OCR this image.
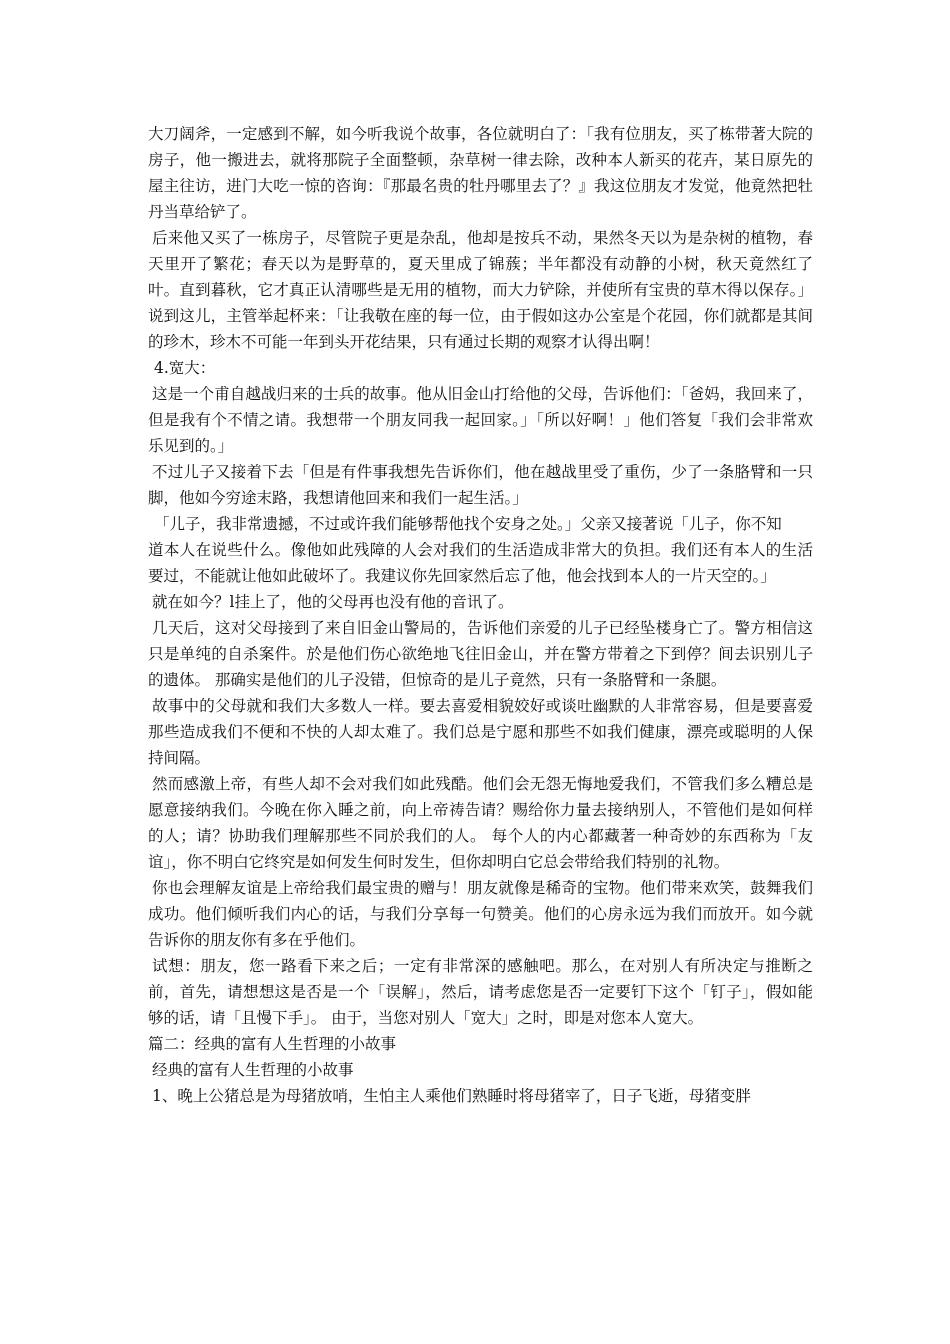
大刀阔斧，一定感到不解，如今听我说个故事，各位就明白了：「我有位朋友，买了栋带著大院的房子，他一搬进去，就将那院子全面整顿，杂草树一律去除，改种本人新买的花卉，某日原先的屋主往访，进门大吃一惊的咨询：『那最名贵的牡丹哪里去了？』我这位朋友才发觉，他竟然把牡丹当草给铲了。

后来他又买了一栋房子，尽管院子更是杂乱，他却是按兵不动，果然冬天以为是杂树的植物，春天里开了繁花；春天以为是野草的，夏天里成了锦蔟；半年都没有动静的小树，秋天竟然红了叶。直到暮秋，它才真正认清哪些是无用的植物，而大力铲除，并使所有宝贵的草木得以保存。」说到这儿，主管举起杯来：「让我敬在座的每一位，由于假如这办公室是个花园，你们就都是其间的珍木，珍木不可能一年到头开花结果，只有通过长期的观察才认得出啊！

4.宽大：

这是一个甫自越战归来的士兵的故事。他从旧金山打给他的父母，告诉他们：「爸妈，我回来了，但是我有个不情之请。我想带一个朋友同我一起回家。」「所以好啊！」他们答复「我们会非常欢乐见到的。」

不过儿子又接着下去「但是有件事我想先告诉你们，他在越战里受了重伤，少了一条胳臂和一只脚，他如今穷途末路，我想请他回来和我们一起生活。」

「儿子，我非常遗撼，不过或许我们能够帮他找个安身之处。」父亲又接著说「儿子，你不知

道本人在说些什么。像他如此残障的人会对我们的生活造成非常大的负担。我们还有本人的生活要过，不能就让他如此破坏了。我建议你先回家然后忘了他，他会找到本人的一片天空的。」

就在如今？l挂上了，他的父母再也没有他的音讯了。

几天后，这对父母接到了来自旧金山警局的，告诉他们亲爱的儿子已经坠楼身亡了。警方相信这只是单纯的自杀案件。於是他们伤心欲绝地飞往旧金山，并在警方带着之下到停？间去识别儿子的遗体。 那确实是他们的儿子没错，但惊奇的是儿子竟然，只有一条胳臂和一条腿。

故事中的父母就和我们大多数人一样。要去喜爱相貌姣好或谈吐幽默的人非常容易，但是要喜爱那些造成我们不便和不快的人却太难了。我们总是宁愿和那些不如我们健康，漂亮或聪明的人保持间隔。

然而感激上帝，有些人却不会对我们如此残酷。他们会无怨无悔地爱我们，不管我们多么糟总是愿意接纳我们。今晚在你入睡之前，向上帝祷告请？赐给你力量去接纳别人，不管他们是如何样的人；请？协助我们理解那些不同於我们的人。 每个人的内心都藏著一种奇妙的东西称为「友谊」，你不明白它终究是如何发生何时发生，但你却明白它总会带给我们特别的礼物。

你也会理解友谊是上帝给我们最宝贵的赠与！朋友就像是稀奇的宝物。他们带来欢笑，鼓舞我们成功。他们倾听我们内心的话，与我们分享每一句赞美。他们的心房永远为我们而放开。如今就告诉你的朋友你有多在乎他们。

试想：朋友，您一路看下来之后；一定有非常深的感触吧。那么，在对别人有所决定与推断之前，首先，请想想这是否是一个「误解」，然后，请考虑您是否一定要钉下这个「钉子」，假如能够的话，请「且慢下手」。 由于，当您对别人「宽大」之时，即是对您本人宽大。

篇二：经典的富有人生哲理的小故事

经典的富有人生哲理的小故事

1、晚上公猪总是为母猪放哨，生怕主人乘他们熟睡时将母猪宰了，日子飞逝，母猪变胖
